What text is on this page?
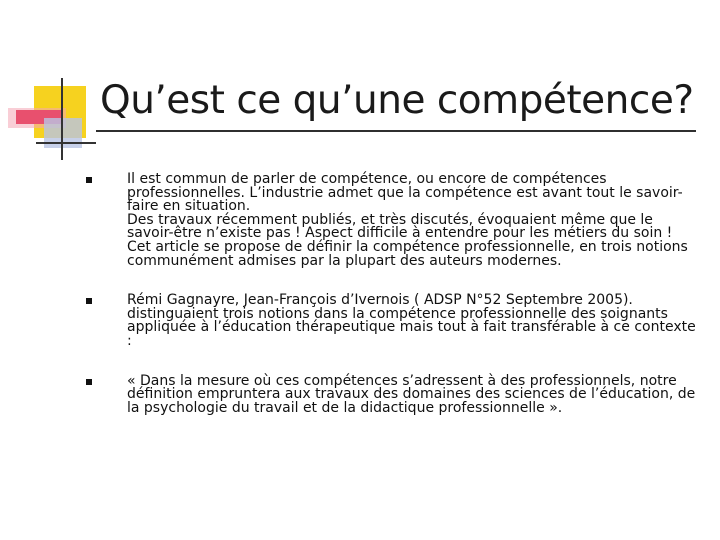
Qu’est ce qu’une compétence?
Il est commun de parler de compétence, ou encore de compétences professionnelles. L’industrie admet que la compétence est avant tout le savoir-faire en situation.
Des travaux récemment publiés, et très discutés, évoquaient même que le savoir-être n’existe pas ! Aspect difficile à entendre pour les métiers du soin !
Cet article se propose de définir la compétence professionnelle, en trois notions communément admises par la plupart des auteurs modernes.
Rémi Gagnayre, Jean-François d’Ivernois ( ADSP N°52 Septembre 2005). distinguaient trois notions dans la compétence professionnelle des soignants appliquée à l’éducation thérapeutique mais tout à fait transférable à ce contexte :
« Dans la mesure où ces compétences s’adressent à des professionnels, notre définition empruntera aux travaux des domaines des sciences de l’éducation, de la psychologie du travail et de la didactique professionnelle ».
